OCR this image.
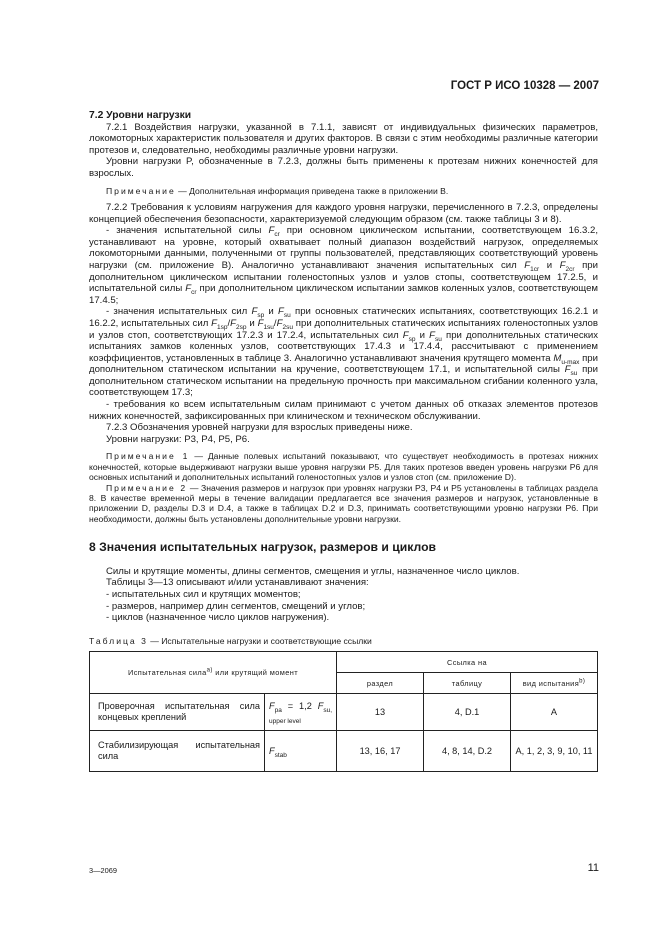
ГОСТ Р ИСО 10328 — 2007

7.2 Уровни нагрузки

7.2.1 Воздействия нагрузки, указанной в 7.1.1, зависят от индивидуальных физических параметров, локомоторных характеристик пользователя и других факторов. В связи с этим необходимы различные категории протезов и, следовательно, необходимы различные уровни нагрузки.

Уровни нагрузки P, обозначенные в 7.2.3, должны быть применены к протезам нижних конечностей для взрослых.

Примечание — Дополнительная информация приведена также в приложении В.

7.2.2 Требования к условиям нагружения для каждого уровня нагрузки, перечисленного в 7.2.3, определены концепцией обеспечения безопасности, характеризуемой следующим образом (см. также таблицы 3 и 8).

- значения испытательной силы $F_{cr}$ при основном циклическом испытании, соответствующем 16.3.2, устанавливают на уровне, который охватывает полный диапазон воздействий нагрузок, определяемых локомоторными данными, полученными от группы пользователей, представляющих соответствующий уровень нагрузки (см. приложение В). Аналогично устанавливают значения испытательных сил $F_{1cr}$ и $F_{2cr}$ при дополнительном циклическом испытании голеностопных узлов и узлов стопы, соответствующем 17.2.5, и испытательной силы $F_{cr}$ при дополнительном циклическом испытании замков коленных узлов, соответствующем 17.4.5;

- значения испытательных сил $F_{sp}$ и $F_{su}$ при основных статических испытаниях, соответствующих 16.2.1 и 16.2.2, испытательных сил $F_{1sp}/F_{2sp}$ и $F_{1su}/F_{2su}$ при дополнительных статических испытаниях голеностопных узлов и узлов стоп, соответствующих 17.2.3 и 17.2.4, испытательных сил $F_{sp}$ и $F_{su}$ при дополнительных статических испытаниях замков коленных узлов, соответствующих 17.4.3 и 17.4.4, рассчитывают с применением коэффициентов, установленных в таблице 3. Аналогично устанавливают значения крутящего момента $M_{u-max}$ при дополнительном статическом испытании на кручение, соответствующем 17.1, и испытательной силы $F_{su}$ при дополнительном статическом испытании на предельную прочность при максимальном сгибании коленного узла, соответствующем 17.3;

- требования ко всем испытательным силам принимают с учетом данных об отказах элементов протезов нижних конечностей, зафиксированных при клиническом и техническом обслуживании.

7.2.3 Обозначения уровней нагрузки для взрослых приведены ниже.

Уровни нагрузки: Р3, Р4, Р5, Р6.

Примечание 1 — Данные полевых испытаний показывают, что существует необходимость в протезах нижних конечностей, которые выдерживают нагрузки выше уровня нагрузки Р5. Для таких протезов введен уровень нагрузки Р6 для основных испытаний и дополнительных испытаний голеностопных узлов и узлов стоп (см. приложение D).

Примечание 2 — Значения размеров и нагрузок при уровнях нагрузки Р3, Р4 и Р5 установлены в таблицах раздела 8. В качестве временной меры в течение валидации предлагается все значения размеров и нагрузок, установленные в приложении D, разделы D.3 и D.4, а также в таблицах D.2 и D.3, принимать соответствующими уровню нагрузки Р6. При необходимости, должны быть установлены дополнительные уровни нагрузки.

8 Значения испытательных нагрузок, размеров и циклов

Силы и крутящие моменты, длины сегментов, смещения и углы, назначенное число циклов.

Таблицы 3—13 описывают и/или устанавливают значения:

- испытательных сил и крутящих моментов;

- размеров, например длин сегментов, смещений и углов;

- циклов (назначенное число циклов нагружения).

Таблица 3 — Испытательные нагрузки и соответствующие ссылки

Испытательная сила$^{а)}$ или крутящий момент		Ссылка на		
		раздел	таблицу	вид испытания$^{b)}$
Проверочная испытательная сила концевых креплений	$F_{pa} = 1,2$ $F_{su, upper level}$	13	4, D.1	A
Стабилизирующая испытательная сила	$F_{stab}$	13, 16, 17	4, 8, 14, D.2	A, 1, 2, 3, 9, 10, 11
3—2069	11
